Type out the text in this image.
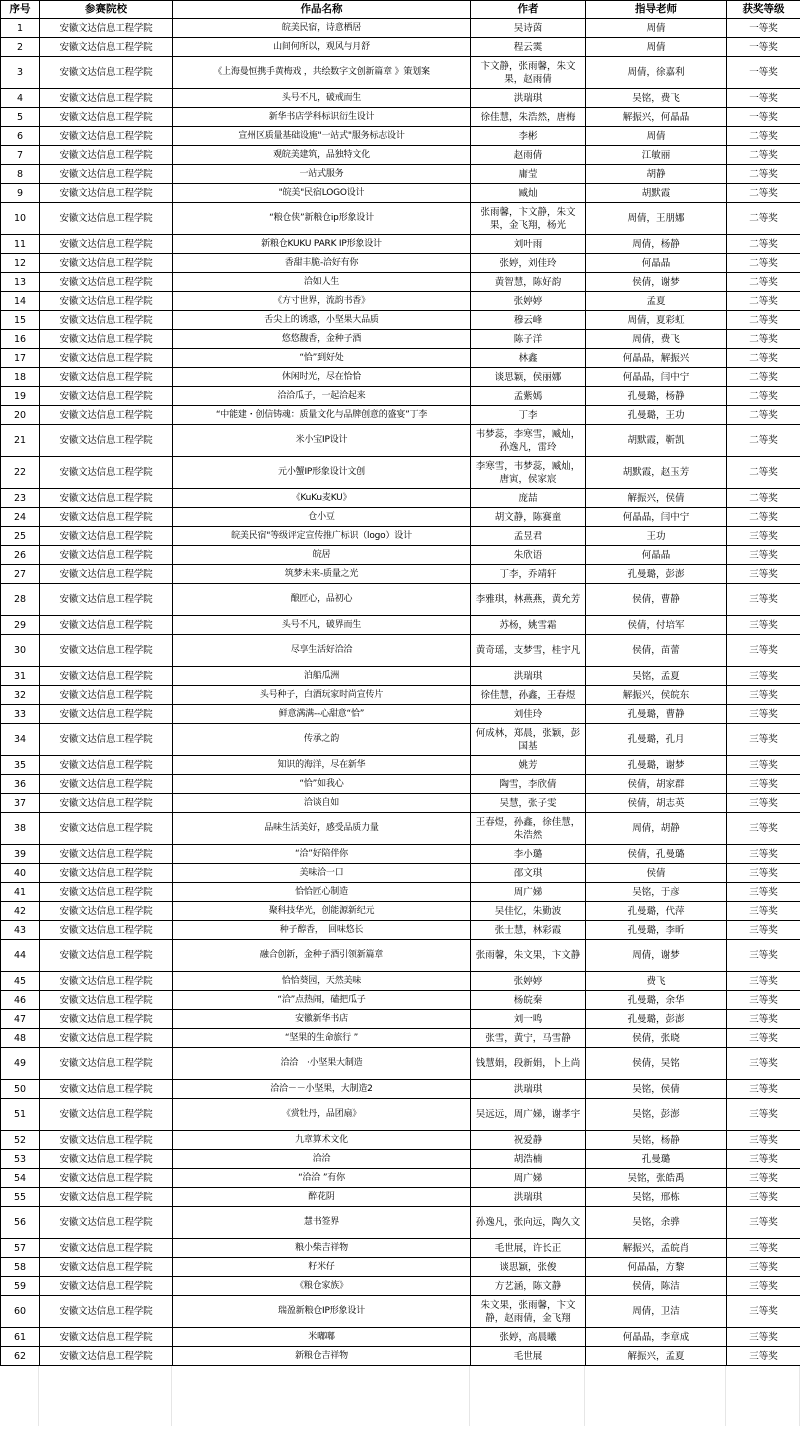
序号	参赛院校	作品名称	作者	指导老师	获奖等级
1	安徽文达信息工程学院	皖美民宿，诗意栖居	吴诗茵	周倩	一等奖
2	安徽文达信息工程学院	山间何所以，观风与月舒	程云霙	周倩	一等奖
3	安徽文达信息工程学院	《上海曼恒携手黄梅戏 ，共绘数字文创新篇章 》策划案	卞文静，张雨馨，朱文果，赵雨倩	周倩，徐嘉利	一等奖
4	安徽文达信息工程学院	头号不凡，破戒而生	洪瑞琪	吴铭，费飞	一等奖
5	安徽文达信息工程学院	新华书店学科标识衍生设计	徐佳慧，朱浩然，唐梅	解振兴，何晶晶	一等奖
6	安徽文达信息工程学院	宣州区质量基础设施"一站式"服务标志设计	李彬	周倩	二等奖
7	安徽文达信息工程学院	观皖美建筑，品独特文化	赵雨倩	江敏丽	二等奖
8	安徽文达信息工程学院	一站式服务	庸莹	胡静	二等奖
9	安徽文达信息工程学院	"皖美"民宿LOGO设计	臧灿	胡默霞	二等奖
10	安徽文达信息工程学院	“粮仓侠”新粮仓ip形象设计	张雨馨，卞文静，朱文果，金飞翔，杨光	周倩，王朋娜	二等奖
11	安徽文达信息工程学院	新粮仓KUKU PARK IP形象设计	刘叶雨	周倩，杨静	二等奖
12	安徽文达信息工程学院	香甜丰脆-洽好有你	张婷，刘佳玲	何晶晶	二等奖
13	安徽文达信息工程学院	洽如人生	黄智慧，陈好韵	侯倩，谢梦	二等奖
14	安徽文达信息工程学院	《方寸世界，流韵书香》	张婷婷	孟夏	二等奖
15	安徽文达信息工程学院	舌尖上的诱惑，小坚果大品质	穆云峰	周倩，夏彩虹	二等奖
16	安徽文达信息工程学院	悠悠馥香，金种子酒	陈子洋	周倩，费飞	二等奖
17	安徽文达信息工程学院	“恰”到好处	林鑫	何晶晶，解振兴	二等奖
18	安徽文达信息工程学院	休闲时光，尽在恰恰	谈思颖，侯丽娜	何晶晶，闫中宁	二等奖
19	安徽文达信息工程学院	洽洽瓜子，一起洽起来	孟紫嫣	孔曼璐，杨静	二等奖
20	安徽文达信息工程学院	“中能建・创信铸魂：质量文化与品牌创意的盛宴”丁李	丁李	孔曼璐，王功	二等奖
21	安徽文达信息工程学院	米小宝IP设计	韦梦蕊，李寒雪，臧灿，孙逸凡，雷玲	胡默霞，靳凯	二等奖
22	安徽文达信息工程学院	元小蟹IP形象设计文创	李寒雪，韦梦蕊，臧灿，唐寅，侯家宸	胡默霞，赵玉芳	二等奖
23	安徽文达信息工程学院	《KuKu麦KU》	庞喆	解振兴，侯倩	二等奖
24	安徽文达信息工程学院	仓小豆	胡文静，陈赛童	何晶晶，闫中宁	二等奖
25	安徽文达信息工程学院	皖美民宿"等级评定宣传推广标识（logo）设计	孟昱君	王功	三等奖
26	安徽文达信息工程学院	皖居	朱欣语	何晶晶	三等奖
27	安徽文达信息工程学院	筑梦未来-质量之光	丁李，乔靖轩	孔曼璐，彭澎	三等奖
28	安徽文达信息工程学院	酿匠心，品初心	李雅琪，林燕燕，黄允芳	侯倩，曹静	三等奖
29	安徽文达信息工程学院	头号不凡，破界而生	苏杨，姚雪霜	侯倩，付培军	三等奖
30	安徽文达信息工程学院	尽享生活好洽洽	黄奇瑶，支梦雪，桂宇凡	侯倩，苗蕾	三等奖
31	安徽文达信息工程学院	泊船瓜洲	洪瑞琪	吴铭，孟夏	三等奖
32	安徽文达信息工程学院	头号种子，白酒玩家时尚宣传片	徐佳慧，孙鑫，王春煜	解振兴，侯皖东	三等奖
33	安徽文达信息工程学院	鲜意满满--心甜意“恰”	刘佳玲	孔曼璐，曹静	三等奖
34	安徽文达信息工程学院	传承之韵	何成林，郑晨，张颖，彭国基	孔曼璐，孔月	三等奖
35	安徽文达信息工程学院	知识的海洋，尽在新华	姚芳	孔曼璐，谢梦	三等奖
36	安徽文达信息工程学院	“恰”如我心	陶雪，李欣倩	侯倩，胡家群	三等奖
37	安徽文达信息工程学院	洽谈自如	吴慧，张子雯	侯倩，胡志英	三等奖
38	安徽文达信息工程学院	品味生活美好，感受品质力量	王春煜，孙鑫，徐佳慧，朱浩然	周倩，胡静	三等奖
39	安徽文达信息工程学院	“洽”好陪伴你	李小璐	侯倩，孔曼璐	三等奖
40	安徽文达信息工程学院	美味洽一口	邵文琪	侯倩	三等奖
41	安徽文达信息工程学院	恰恰匠心制造	周广娣	吴铭，于彦	三等奖
42	安徽文达信息工程学院	聚科技华光，创能源新纪元	吴佳忆，朱勤波	孔曼璐，代萍	三等奖
43	安徽文达信息工程学院	种子醇香，　回味悠长	张士慧，林彩霞	孔曼璐，李昕	三等奖
44	安徽文达信息工程学院	融合创新，金种子酒引领新篇章	张雨馨，朱文果，卞文静	周倩，谢梦	三等奖
45	安徽文达信息工程学院	恰恰葵园，天然美味	张婷婷	费飞	三等奖
46	安徽文达信息工程学院	“洽”点热闹，磕把瓜子	杨皖秦	孔曼璐，余华	三等奖
47	安徽文达信息工程学院	安徽新华书店	刘一鸣	孔曼璐，彭澎	三等奖
48	安徽文达信息工程学院	“坚果的生命旅行 ”	张雪，黄宁，马雪静	侯倩，张晓	三等奖
49	安徽文达信息工程学院	洽洽　·小坚果大制造	钱慧娟，段新娟，卜上尚	侯倩，吴铭	三等奖
50	安徽文达信息工程学院	洽洽－－小坚果，大制造2	洪瑞琪	吴铭，侯倩	三等奖
51	安徽文达信息工程学院	《赏牡丹，品团扇》	吴远远，周广娣，谢孝宇	吴铭，彭澎	三等奖
52	安徽文达信息工程学院	九章算术文化	祝爱静	吴铭，杨静	三等奖
53	安徽文达信息工程学院	洽洽	胡浩楠	孔曼璐	三等奖
54	安徽文达信息工程学院	“洽洽 ”有你	周广娣	吴铭，张皓禹	三等奖
55	安徽文达信息工程学院	醉花阴	洪瑞琪	吴铭，邢栋	三等奖
56	安徽文达信息工程学院	慧书签界	孙逸凡，张向远，陶久文	吴铭，余骅	三等奖
57	安徽文达信息工程学院	粮小柴吉祥物	毛世展，许长正	解振兴，孟皖肖	三等奖
58	安徽文达信息工程学院	籽米仔	谈思颖，张俊	何晶晶，方黎	三等奖
59	安徽文达信息工程学院	《粮仓家族》	方艺涵，陈文静	侯倩，陈洁	三等奖
60	安徽文达信息工程学院	瑞盈新粮仓IP形象设计	朱文果，张雨馨，卞文静，赵雨倩，金飞翔	周倩，卫洁	三等奖
61	安徽文达信息工程学院	米嘟嘟	张婷，高晨曦	何晶晶，李章成	三等奖
62	安徽文达信息工程学院	新粮仓吉祥物	毛世展	解振兴，孟夏	三等奖
